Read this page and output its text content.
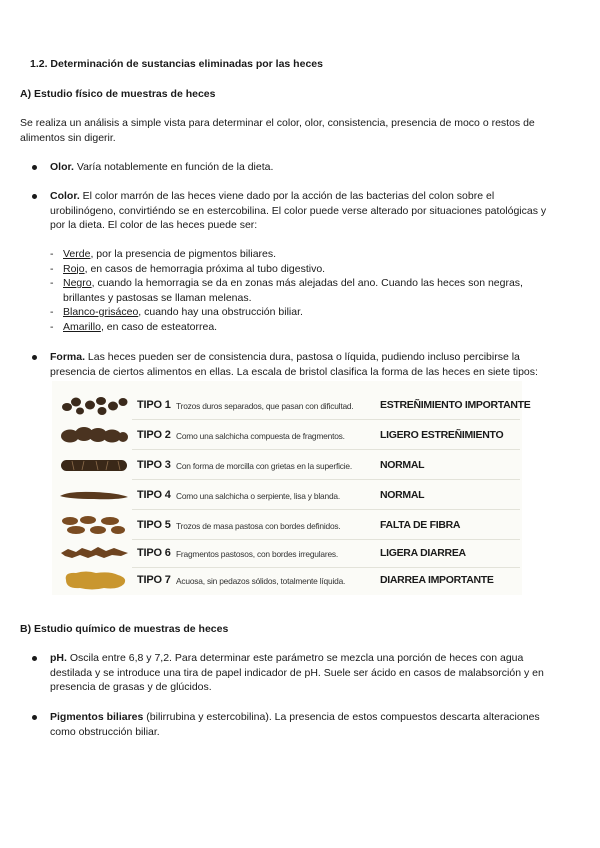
1.2. Determinación de sustancias eliminadas por las heces
A) Estudio físico de muestras de heces
Se realiza un análisis a simple vista para determinar el color, olor, consistencia, presencia de moco o restos de
alimentos sin digerir.
Olor. Varía notablemente en función de la dieta.
Color. El color marrón de las heces viene dado por la acción de las bacterias del colon sobre el
urobilinógeno, convirtiéndo se en estercobilina. El color puede verse alterado por situaciones patológicas y
por la dieta. El color de las heces puede ser:
- Verde, por la presencia de pigmentos biliares.
- Rojo, en casos de hemorragia próxima al tubo digestivo.
- Negro, cuando la hemorragia se da en zonas más alejadas del ano. Cuando las heces son negras,
brillantes y pastosas se llaman melenas.
- Blanco-grisáceo, cuando hay una obstrucción biliar.
- Amarillo, en caso de esteatorrea.
Forma. Las heces pueden ser de consistencia dura, pastosa o líquida, pudiendo incluso percibirse la
presencia de ciertos alimentos en ellas. La escala de bristol clasifica la forma de las heces en siete tipos:
TIPO 1 Trozos duros separados, que pasan con dificultad.	ESTREÑIMIENTO IMPORTANTE
TIPO 2 Como una salchicha compuesta de fragmentos.	LIGERO ESTREÑIMIENTO
TIPO 3 Con forma de morcilla con grietas en la superficie.	NORMAL
TIPO 4 Como una salchicha o serpiente, lisa y blanda.	NORMAL
TIPO 5 Trozos de masa pastosa con bordes definidos.	FALTA DE FIBRA
TIPO 6 Fragmentos pastosos, con bordes irregulares.	LIGERA DIARREA
TIPO 7 Acuosa, sin pedazos sólidos, totalmente líquida.	DIARREA IMPORTANTE
B) Estudio químico de muestras de heces
pH. Oscila entre 6,8 y 7,2. Para determinar este parámetro se mezcla una porción de heces con agua
destilada y se introduce una tira de papel indicador de pH. Suele ser ácido en casos de malabsorción y en
presencia de grasas y de glúcidos.
Pigmentos biliares (bilirrubina y estercobilina). La presencia de estos compuestos descarta alteraciones
como obstrucción biliar.
